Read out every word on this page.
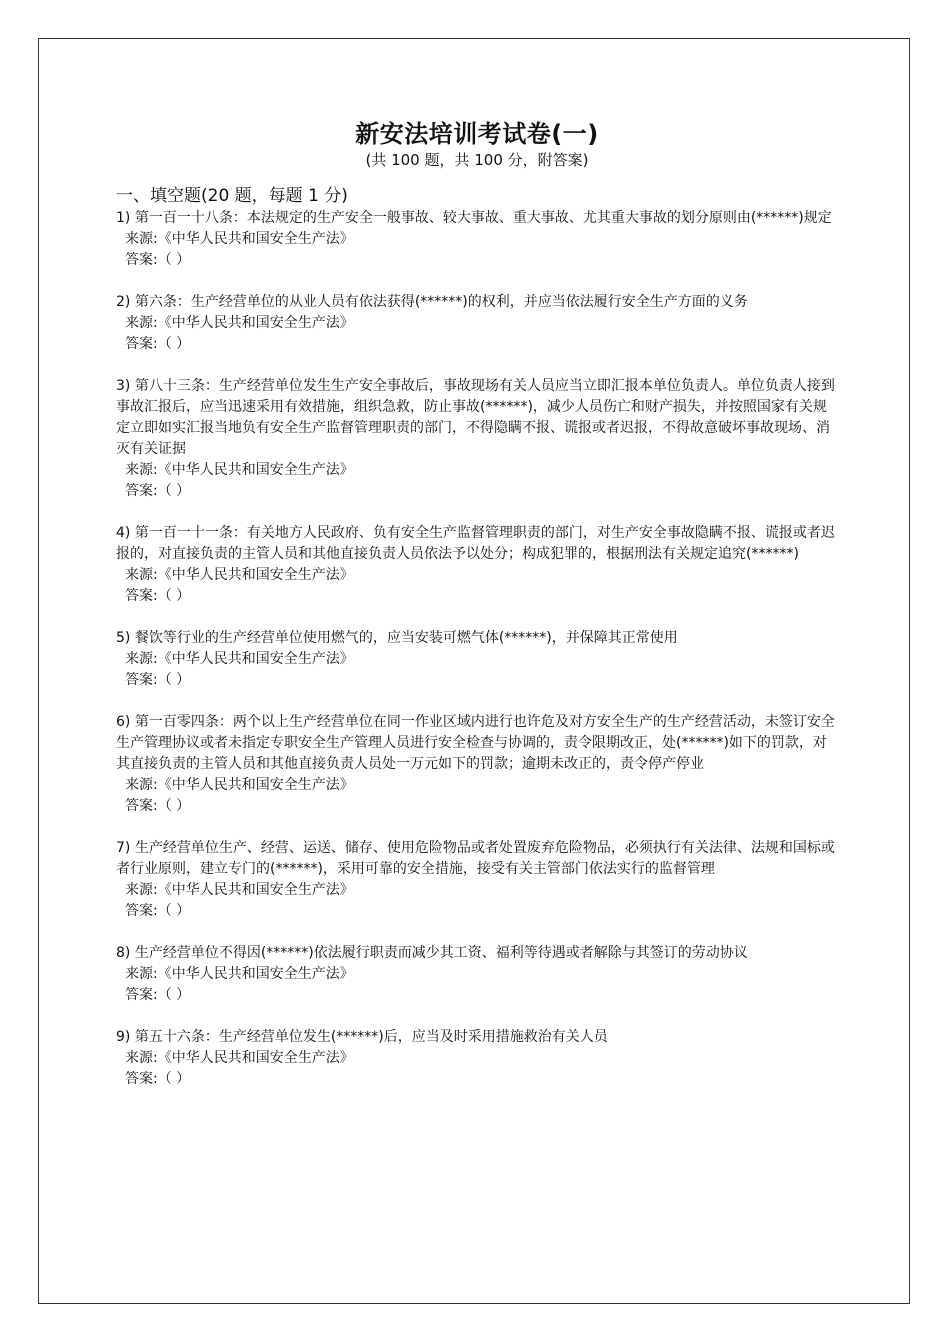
新安法培训考试卷(一)

(共 100 题，共 100 分，附答案)

一、填空题(20 题，每题 1 分)

1) 第一百一十八条：本法规定的生产安全一般事故、较大事故、重大事故、尤其重大事故的划分原则由(******)规定

来源:《中华人民共和国安全生产法》

答案:（ ）

2) 第六条：生产经营单位的从业人员有依法获得(******)的权利，并应当依法履行安全生产方面的义务

来源:《中华人民共和国安全生产法》

答案:（ ）

3) 第八十三条：生产经营单位发生生产安全事故后，事故现场有关人员应当立即汇报本单位负责人。单位负责人接到事故汇报后，应当迅速采用有效措施，组织急救，防止事故(******)，减少人员伤亡和财产损失，并按照国家有关规定立即如实汇报当地负有安全生产监督管理职责的部门，不得隐瞒不报、谎报或者迟报，不得故意破坏事故现场、消灭有关证据

来源:《中华人民共和国安全生产法》

答案:（ ）

4) 第一百一十一条：有关地方人民政府、负有安全生产监督管理职责的部门，对生产安全事故隐瞒不报、谎报或者迟报的，对直接负责的主管人员和其他直接负责人员依法予以处分；构成犯罪的，根据刑法有关规定追究(******)

来源:《中华人民共和国安全生产法》

答案:（ ）

5) 餐饮等行业的生产经营单位使用燃气的，应当安装可燃气体(******)，并保障其正常使用

来源:《中华人民共和国安全生产法》

答案:（ ）

6) 第一百零四条：两个以上生产经营单位在同一作业区域内进行也许危及对方安全生产的生产经营活动，未签订安全生产管理协议或者未指定专职安全生产管理人员进行安全检查与协调的，责令限期改正，处(******)如下的罚款，对其直接负责的主管人员和其他直接负责人员处一万元如下的罚款；逾期未改正的，责令停产停业

来源:《中华人民共和国安全生产法》

答案:（ ）

7) 生产经营单位生产、经营、运送、储存、使用危险物品或者处置废弃危险物品，必须执行有关法律、法规和国标或者行业原则，建立专门的(******)，采用可靠的安全措施，接受有关主管部门依法实行的监督管理

来源:《中华人民共和国安全生产法》

答案:（ ）

8) 生产经营单位不得因(******)依法履行职责而减少其工资、福利等待遇或者解除与其签订的劳动协议

来源:《中华人民共和国安全生产法》

答案:（ ）

9) 第五十六条：生产经营单位发生(******)后，应当及时采用措施救治有关人员

来源:《中华人民共和国安全生产法》

答案:（ ）
